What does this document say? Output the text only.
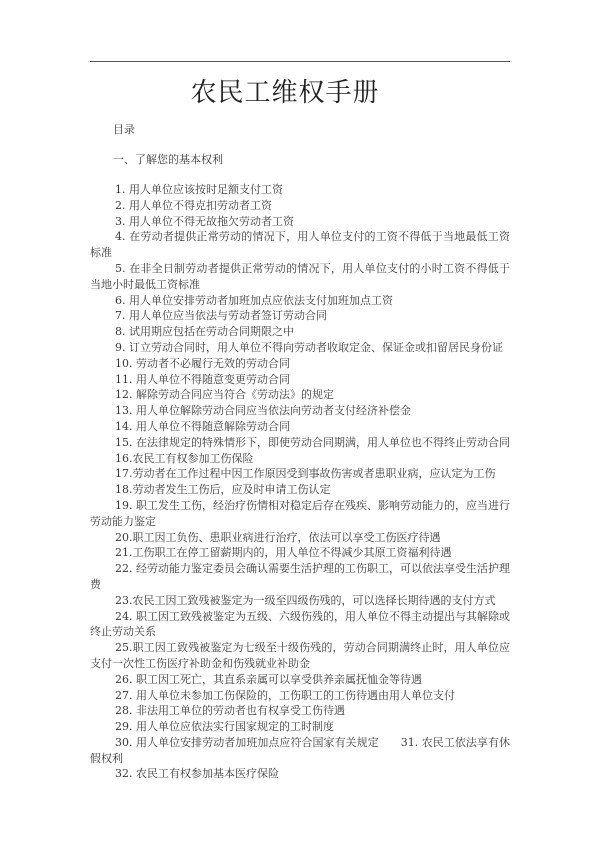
农民工维权手册
目录
一、了解您的基本权利

1. 用人单位应该按时足额支付工资

2. 用人单位不得克扣劳动者工资

3. 用人单位不得无故拖欠劳动者工资

4. 在劳动者提供正常劳动的情况下，用人单位支付的工资不得低于当地最低工资标准

5. 在非全日制劳动者提供正常劳动的情况下，用人单位支付的小时工资不得低于当地小时最低工资标准

6. 用人单位安排劳动者加班加点应依法支付加班加点工资

7. 用人单位应当依法与劳动者签订劳动合同

8. 试用期应包括在劳动合同期限之中

9. 订立劳动合同时，用人单位不得向劳动者收取定金、保证金或扣留居民身份证

10. 劳动者不必履行无效的劳动合同

11. 用人单位不得随意变更劳动合同

12. 解除劳动合同应当符合《劳动法》的规定

13. 用人单位解除劳动合同应当依法向劳动者支付经济补偿金

14. 用人单位不得随意解除劳动合同

15. 在法律规定的特殊情形下，即使劳动合同期满，用人单位也不得终止劳动合同

16.农民工有权参加工伤保险

17.劳动者在工作过程中因工作原因受到事故伤害或者患职业病，应认定为工伤

18.劳动者发生工伤后，应及时申请工伤认定

19. 职工发生工伤，经治疗伤情相对稳定后存在残疾、影响劳动能力的，应当进行劳动能力鉴定

20.职工因工负伤、患职业病进行治疗，依法可以享受工伤医疗待遇

21.工伤职工在停工留薪期内的，用人单位不得减少其原工资福利待遇

22. 经劳动能力鉴定委员会确认需要生活护理的工伤职工，可以依法享受生活护理费

23.农民工因工致残被鉴定为一级至四级伤残的，可以选择长期待遇的支付方式

24. 职工因工致残被鉴定为五级、六级伤残的，用人单位不得主动提出与其解除或终止劳动关系

25.职工因工致残被鉴定为七级至十级伤残的，劳动合同期满终止时，用人单位应支付一次性工伤医疗补助金和伤残就业补助金

26. 职工因工死亡，其直系亲属可以享受供养亲属抚恤金等待遇

27. 用人单位未参加工伤保险的，工伤职工的工伤待遇由用人单位支付

28. 非法用工单位的劳动者也有权享受工伤待遇

29. 用人单位应依法实行国家规定的工时制度

30. 用人单位安排劳动者加班加点应符合国家有关规定　　31. 农民工依法享有休假权利

32. 农民工有权参加基本医疗保险
